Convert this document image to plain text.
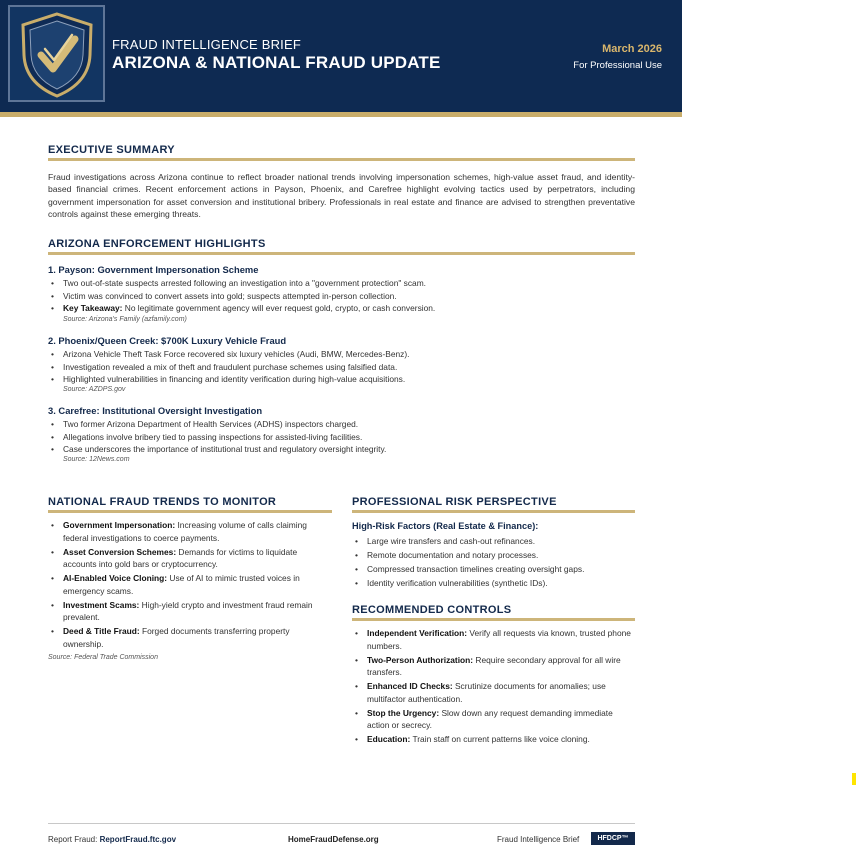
FRAUD INTELLIGENCE BRIEF
ARIZONA & NATIONAL FRAUD UPDATE
March 2026
For Professional Use
EXECUTIVE SUMMARY
Fraud investigations across Arizona continue to reflect broader national trends involving impersonation schemes, high-value asset fraud, and identity-based financial crimes. Recent enforcement actions in Payson, Phoenix, and Carefree highlight evolving tactics used by perpetrators, including government impersonation for asset conversion and institutional bribery. Professionals in real estate and finance are advised to strengthen preventative controls against these emerging threats.
ARIZONA ENFORCEMENT HIGHLIGHTS
1. Payson: Government Impersonation Scheme
• Two out-of-state suspects arrested following an investigation into a "government protection" scam.
• Victim was convinced to convert assets into gold; suspects attempted in-person collection.
• Key Takeaway: No legitimate government agency will ever request gold, crypto, or cash conversion.
Source: Arizona's Family (azfamily.com)
2. Phoenix/Queen Creek: $700K Luxury Vehicle Fraud
• Arizona Vehicle Theft Task Force recovered six luxury vehicles (Audi, BMW, Mercedes-Benz).
• Investigation revealed a mix of theft and fraudulent purchase schemes using falsified data.
• Highlighted vulnerabilities in financing and identity verification during high-value acquisitions.
Source: AZDPS.gov
3. Carefree: Institutional Oversight Investigation
• Two former Arizona Department of Health Services (ADHS) inspectors charged.
• Allegations involve bribery tied to passing inspections for assisted-living facilities.
• Case underscores the importance of institutional trust and regulatory oversight integrity.
Source: 12News.com
NATIONAL FRAUD TRENDS TO MONITOR
• Government Impersonation: Increasing volume of calls claiming federal investigations to coerce payments.
• Asset Conversion Schemes: Demands for victims to liquidate accounts into gold bars or cryptocurrency.
• AI-Enabled Voice Cloning: Use of AI to mimic trusted voices in emergency scams.
• Investment Scams: High-yield crypto and investment fraud remain prevalent.
• Deed & Title Fraud: Forged documents transferring property ownership.
Source: Federal Trade Commission
PROFESSIONAL RISK PERSPECTIVE
High-Risk Factors (Real Estate & Finance):
• Large wire transfers and cash-out refinances.
• Remote documentation and notary processes.
• Compressed transaction timelines creating oversight gaps.
• Identity verification vulnerabilities (synthetic IDs).
RECOMMENDED CONTROLS
• Independent Verification: Verify all requests via known, trusted phone numbers.
• Two-Person Authorization: Require secondary approval for all wire transfers.
• Enhanced ID Checks: Scrutinize documents for anomalies; use multifactor authentication.
• Stop the Urgency: Slow down any request demanding immediate action or secrecy.
• Education: Train staff on current patterns like voice cloning.
Report Fraud: ReportFraud.ftc.gov	HomeFraudDefense.org	Fraud Intelligence Brief	HFDCP™
